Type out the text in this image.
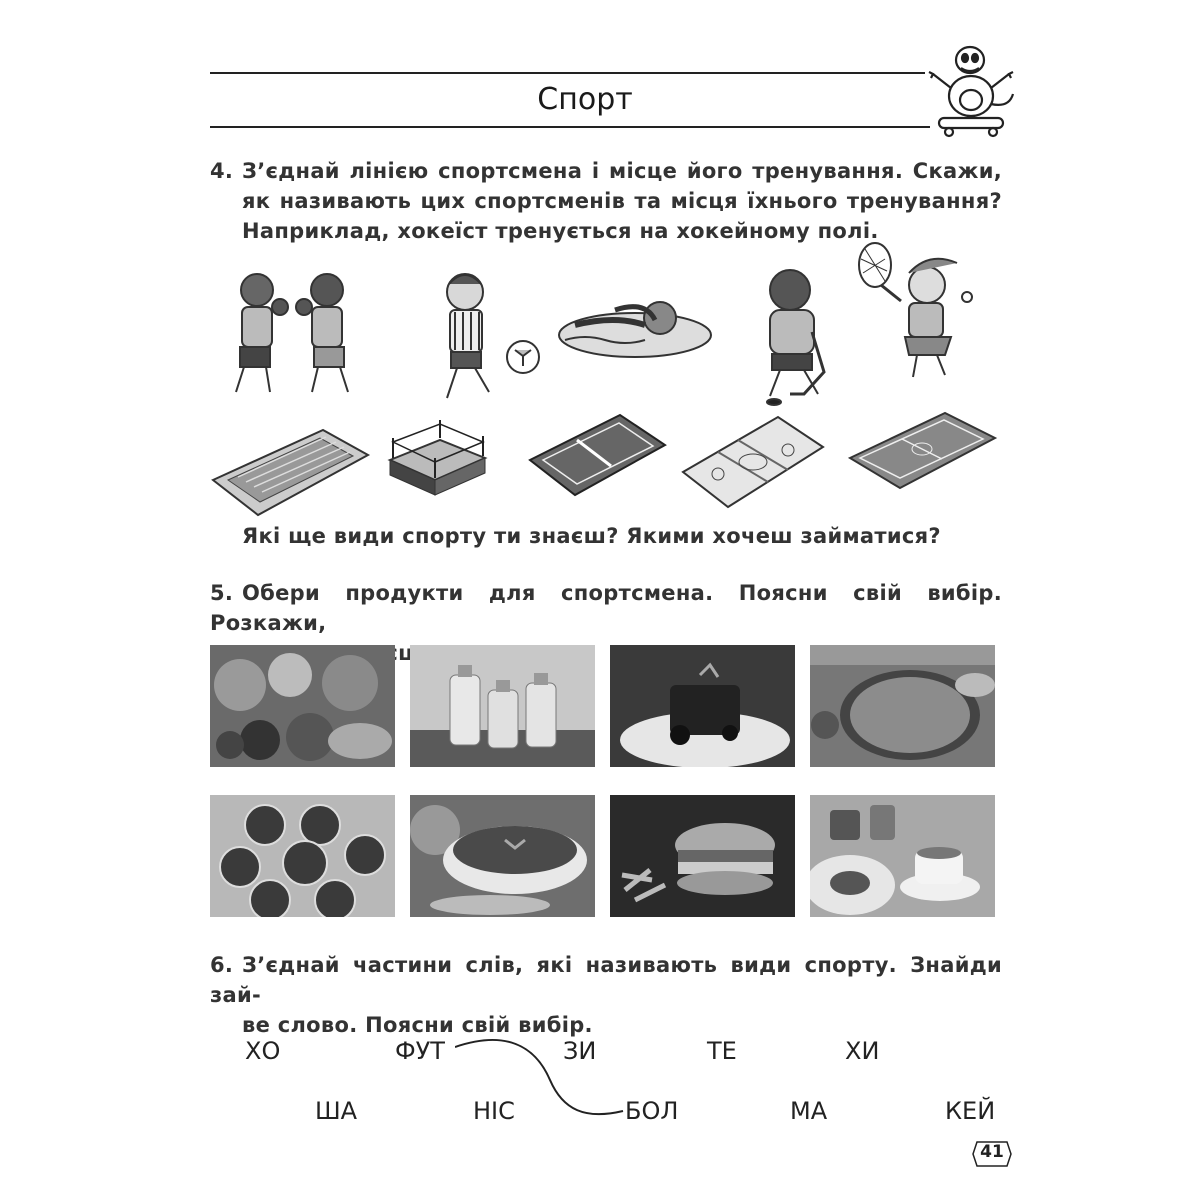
Спорт
4. З’єднай лінією спортсмена і місце його тренування. Скажи,
як називають цих спортсменів та місця їхнього тренування?
Наприклад, хокеїст тренується на хокейному полі.
Які ще види спорту ти знаєш? Якими хочеш займатися?
5. Обери продукти для спортсмена. Поясни свій вибір. Розкажи,
6. З’єднай частини слів, які називають види спорту. Знайди зай-
ве слово. Поясни свій вибір.
ХО	ФУТ	ЗИ	ТЕ	ХИ
ША	НІС	БОЛ	МА	КЕЙ
41
